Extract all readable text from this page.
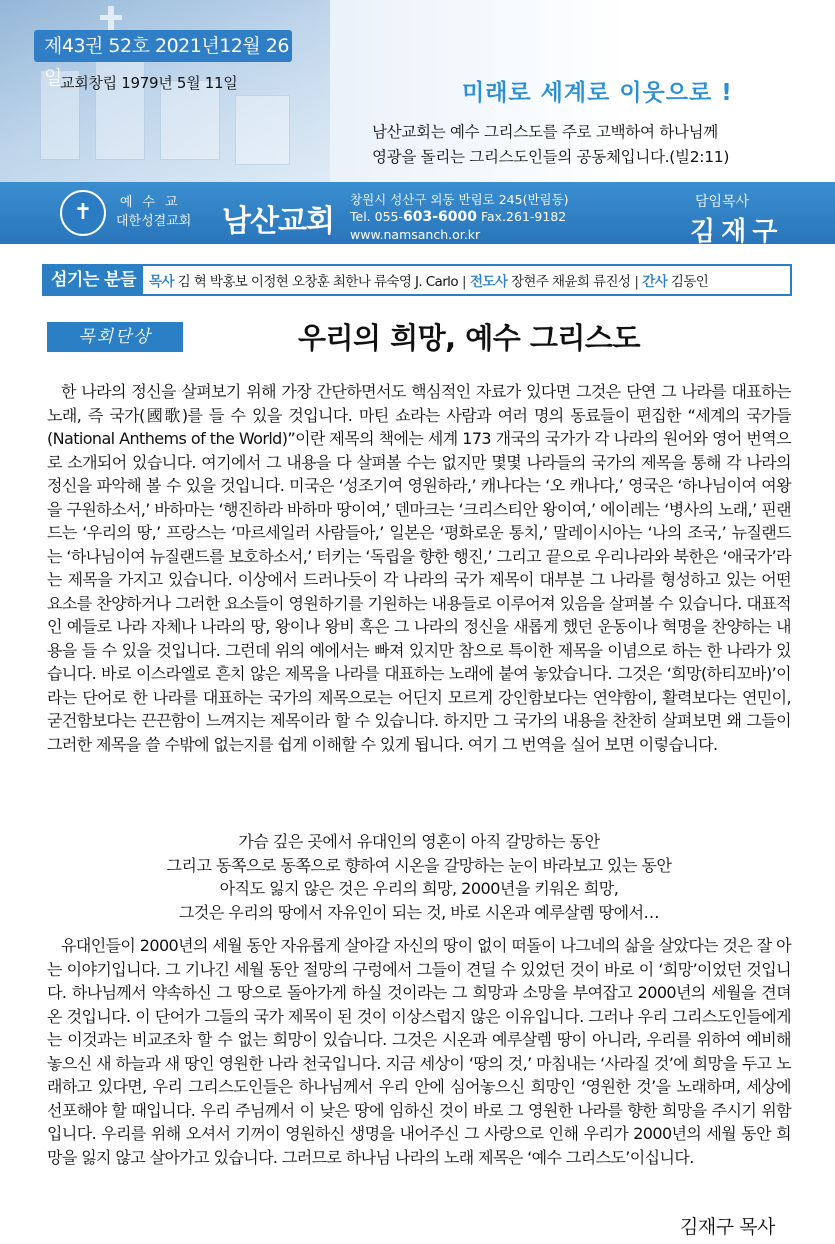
제43권 52호 2021년12월 26일
교회창립 1979년 5월 11일	미래로 세계로 이웃으로 !
남산교회는 예수 그리스도를 주로 고백하여 하나님께
영광을 돌리는 그리스도인들의 공동체입니다.(빌2:11)
✝	예수교
대한성결교회 남산교회
창원시 성산구 외동 반림로 245(반림동)
Tel. 055-603-6000 Fax.261-9182
www.namsanch.or.kr
담임목사
김재구
섬기는 분들 목사 김 혁 박홍보 이정현 오창훈 최한나 류숙영 J. Carlo | 전도사 장현주 채윤희 류진성 | 간사 김동인
목회단상	우리의 희망, 예수 그리스도
한 나라의 정신을 살펴보기 위해 가장 간단하면서도 핵심적인 자료가 있다면 그것은 단연 그 나라를 대표하는 노래, 즉 국가(國歌)를 들 수 있을 것입니다. 마틴 쇼라는 사람과 여러 명의 동료들이 편집한 “세계의 국가들(National Anthems of the World)”이란 제목의 책에는 세계 173 개국의 국가가 각 나라의 원어와 영어 번역으로 소개되어 있습니다. 여기에서 그 내용을 다 살펴볼 수는 없지만 몇몇 나라들의 국가의 제목을 통해 각 나라의 정신을 파악해 볼 수 있을 것입니다. 미국은 ‘성조기여 영원하라,’ 캐나다는 ‘오 캐나다,’ 영국은 ‘하나님이여 여왕을 구원하소서,’ 바하마는 ‘행진하라 바하마 땅이여,’ 덴마크는 ‘크리스티안 왕이여,’ 에이레는 ‘병사의 노래,’ 핀랜드는 ‘우리의 땅,’ 프랑스는 ‘마르세일러 사람들아,’ 일본은 ‘평화로운 통치,’ 말레이시아는 ‘나의 조국,’ 뉴질랜드는 ‘하나님이여 뉴질랜드를 보호하소서,’ 터키는 ‘독립을 향한 행진,’ 그리고 끝으로 우리나라와 북한은 ‘애국가’라는 제목을 가지고 있습니다. 이상에서 드러나듯이 각 나라의 국가 제목이 대부분 그 나라를 형성하고 있는 어떤 요소를 찬양하거나 그러한 요소들이 영원하기를 기원하는 내용들로 이루어져 있음을 살펴볼 수 있습니다. 대표적인 예들로 나라 자체나 나라의 땅, 왕이나 왕비 혹은 그 나라의 정신을 새롭게 했던 운동이나 혁명을 찬양하는 내용을 들 수 있을 것입니다. 그런데 위의 예에서는 빠져 있지만 참으로 특이한 제목을 이념으로 하는 한 나라가 있습니다. 바로 이스라엘로 흔치 않은 제목을 나라를 대표하는 노래에 붙여 놓았습니다. 그것은 ‘희망(하티꼬바)’이라는 단어로 한 나라를 대표하는 국가의 제목으로는 어딘지 모르게 강인함보다는 연약함이, 활력보다는 연민이, 굳건함보다는 끈끈함이 느껴지는 제목이라 할 수 있습니다. 하지만 그 국가의 내용을 찬찬히 살펴보면 왜 그들이 그러한 제목을 쓸 수밖에 없는지를 쉽게 이해할 수 있게 됩니다. 여기 그 번역을 실어 보면 이렇습니다.
가슴 깊은 곳에서 유대인의 영혼이 아직 갈망하는 동안
그리고 동쪽으로 동쪽으로 향하여 시온을 갈망하는 눈이 바라보고 있는 동안
아직도 잃지 않은 것은 우리의 희망, 2000년을 키워온 희망,
그것은 우리의 땅에서 자유인이 되는 것, 바로 시온과 예루살렘 땅에서…
유대인들이 2000년의 세월 동안 자유롭게 살아갈 자신의 땅이 없이 떠돌이 나그네의 삶을 살았다는 것은 잘 아는 이야기입니다. 그 기나긴 세월 동안 절망의 구렁에서 그들이 견딜 수 있었던 것이 바로 이 ‘희망’이었던 것입니다. 하나님께서 약속하신 그 땅으로 돌아가게 하실 것이라는 그 희망과 소망을 부여잡고 2000년의 세월을 견뎌온 것입니다. 이 단어가 그들의 국가 제목이 된 것이 이상스럽지 않은 이유입니다. 그러나 우리 그리스도인들에게는 이것과는 비교조차 할 수 없는 희망이 있습니다. 그것은 시온과 예루살렘 땅이 아니라, 우리를 위하여 예비해 놓으신 새 하늘과 새 땅인 영원한 나라 천국입니다. 지금 세상이 ‘땅의 것,’ 마침내는 ‘사라질 것’에 희망을 두고 노래하고 있다면, 우리 그리스도인들은 하나님께서 우리 안에 심어놓으신 희망인 ‘영원한 것’을 노래하며, 세상에 선포해야 할 때입니다. 우리 주님께서 이 낮은 땅에 임하신 것이 바로 그 영원한 나라를 향한 희망을 주시기 위함입니다. 우리를 위해 오셔서 기꺼이 영원하신 생명을 내어주신 그 사랑으로 인해 우리가 2000년의 세월 동안 희망을 잃지 않고 살아가고 있습니다. 그러므로 하나님 나라의 노래 제목은 ‘예수 그리스도’이십니다.
김재구 목사
